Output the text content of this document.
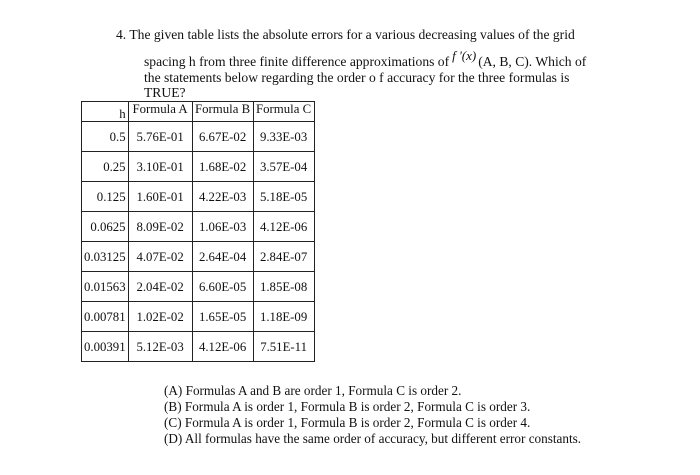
4. The given table lists the absolute errors for a various decreasing values of the grid
spacing h from three finite difference approximations of f '(x) (A, B, C). Which of
the statements below regarding the order o f accuracy for the three formulas is
TRUE?
h	Formula A	Formula B	Formula C
0.5	5.76E-01	6.67E-02	9.33E-03
0.25	3.10E-01	1.68E-02	3.57E-04
0.125	1.60E-01	4.22E-03	5.18E-05
0.0625	8.09E-02	1.06E-03	4.12E-06
0.03125	4.07E-02	2.64E-04	2.84E-07
0.01563	2.04E-02	6.60E-05	1.85E-08
0.00781	1.02E-02	1.65E-05	1.18E-09
0.00391	5.12E-03	4.12E-06	7.51E-11
(A) Formulas A and B are order 1, Formula C is order 2.
(B) Formula A is order 1, Formula B is order 2, Formula C is order 3.
(C) Formula A is order 1, Formula B is order 2, Formula C is order 4.
(D) All formulas have the same order of accuracy, but different error constants.
